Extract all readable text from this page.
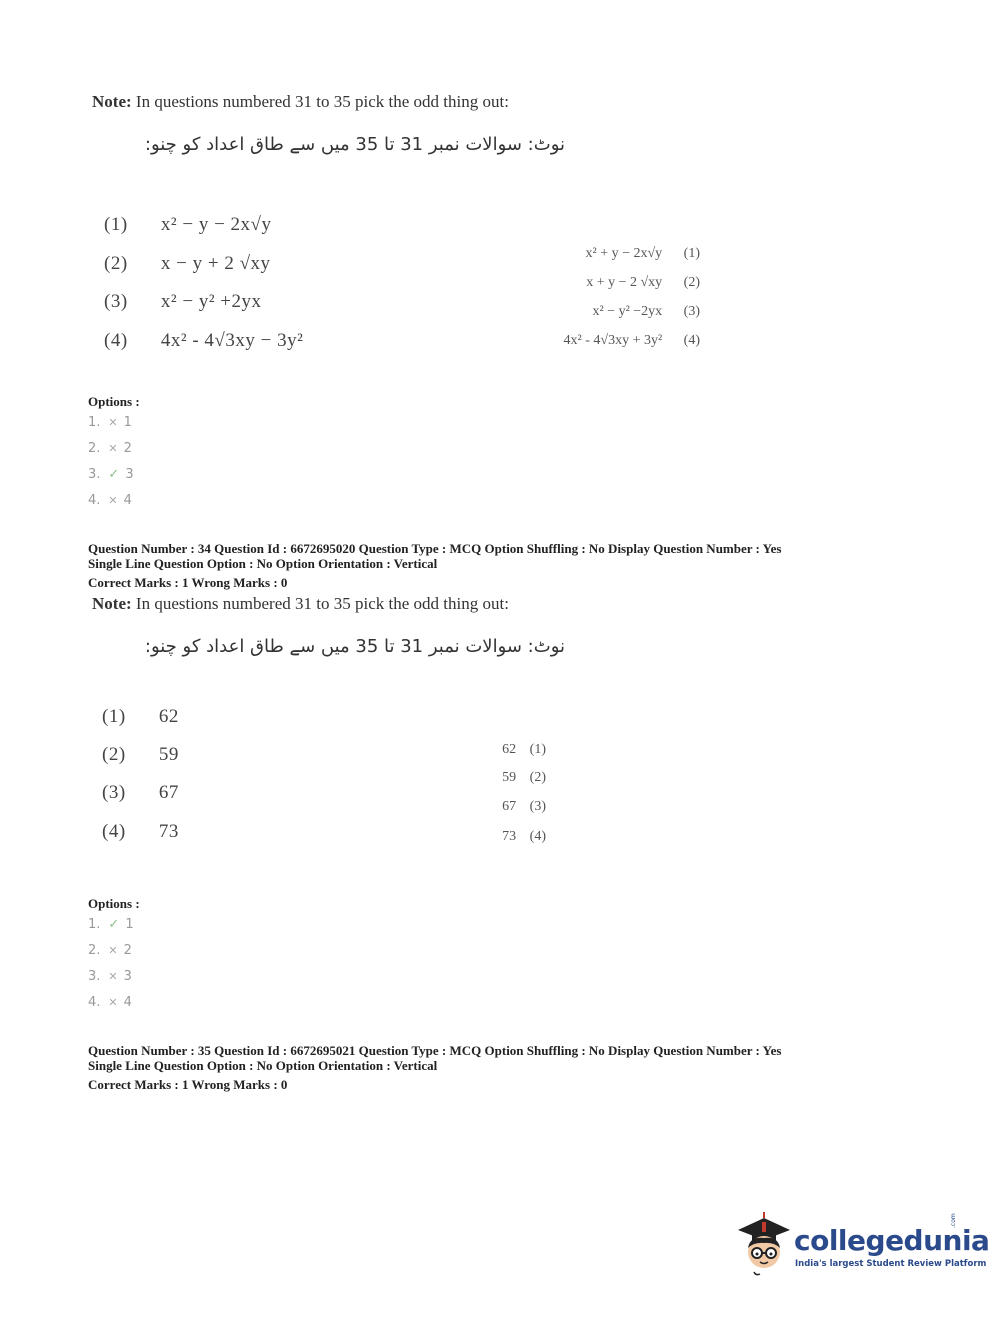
Note: In questions numbered 31 to 35 pick the odd thing out:
نوٹ: سوالات نمبر 31 تا 35 میں سے طاق اعداد کو چنو:
(1) x² − y − 2x√y
(2) x − y + 2 √xy
(3) x² − y² +2yx
(4) 4x² - 4√3xy − 3y²
x² + y − 2x√y (1)
x + y − 2 √xy (2)
x² − y² −2yx (3)
4x² - 4√3xy + 3y² (4)
Options :
1. ✕ 1
2. ✕ 2
3. ✓ 3
4. ✕ 4
Question Number : 34 Question Id : 6672695020 Question Type : MCQ Option Shuffling : No Display Question Number : Yes
Single Line Question Option : No Option Orientation : Vertical
Correct Marks : 1 Wrong Marks : 0
Note: In questions numbered 31 to 35 pick the odd thing out:
نوٹ: سوالات نمبر 31 تا 35 میں سے طاق اعداد کو چنو:
(1) 62
(2) 59
(3) 67
(4) 73
62 (1)
59 (2)
67 (3)
73 (4)
Options :
1. ✓ 1
2. ✕ 2
3. ✕ 3
4. ✕ 4
Question Number : 35 Question Id : 6672695021 Question Type : MCQ Option Shuffling : No Display Question Number : Yes
Single Line Question Option : No Option Orientation : Vertical
Correct Marks : 1 Wrong Marks : 0
collegedunia
.com
India's largest Student Review Platform
